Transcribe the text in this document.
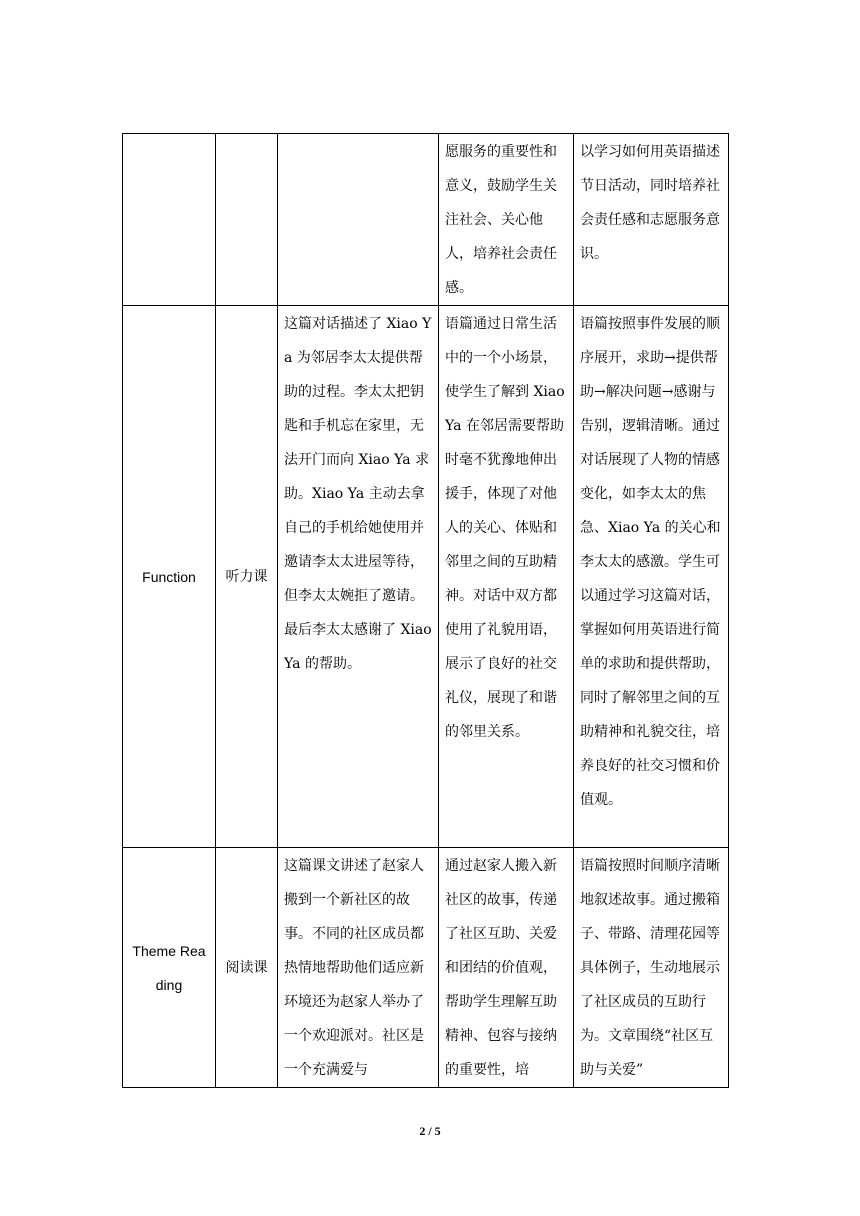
			愿服务的重要性和意义，鼓励学生关注社会、关心他人，培养社会责任感。	以学习如何用英语描述节日活动，同时培养社会责任感和志愿服务意识。

Function	听力课	这篇对话描述了 Xiao Ya 为邻居李太太提供帮助的过程。李太太把钥匙和手机忘在家里，无法开门而向 Xiao Ya 求助。Xiao Ya 主动去拿自己的手机给她使用并邀请李太太进屋等待，但李太太婉拒了邀请。最后李太太感谢了 Xiao Ya 的帮助。	语篇通过日常生活中的一个小场景，使学生了解到 Xiao Ya 在邻居需要帮助时毫不犹豫地伸出援手，体现了对他人的关心、体贴和邻里之间的互助精神。对话中双方都使用了礼貌用语，展示了良好的社交礼仪，展现了和谐的邻里关系。	语篇按照事件发展的顺序展开，求助→提供帮助→解决问题→感谢与告别，逻辑清晰。通过对话展现了人物的情感变化，如李太太的焦急、Xiao Ya 的关心和李太太的感激。学生可以通过学习这篇对话，掌握如何用英语进行简单的求助和提供帮助，同时了解邻里之间的互助精神和礼貌交往，培养良好的社交习惯和价值观。

Theme Reading	阅读课	这篇课文讲述了赵家人搬到一个新社区的故事。不同的社区成员都热情地帮助他们适应新环境还为赵家人举办了一个欢迎派对。社区是一个充满爱与	通过赵家人搬入新社区的故事，传递了社区互助、关爱和团结的价值观，帮助学生理解互助精神、包容与接纳的重要性，培	语篇按照时间顺序清晰地叙述故事。通过搬箱子、带路、清理花园等具体例子，生动地展示了社区成员的互助行为。文章围绕“社区互助与关爱”
2 / 5
